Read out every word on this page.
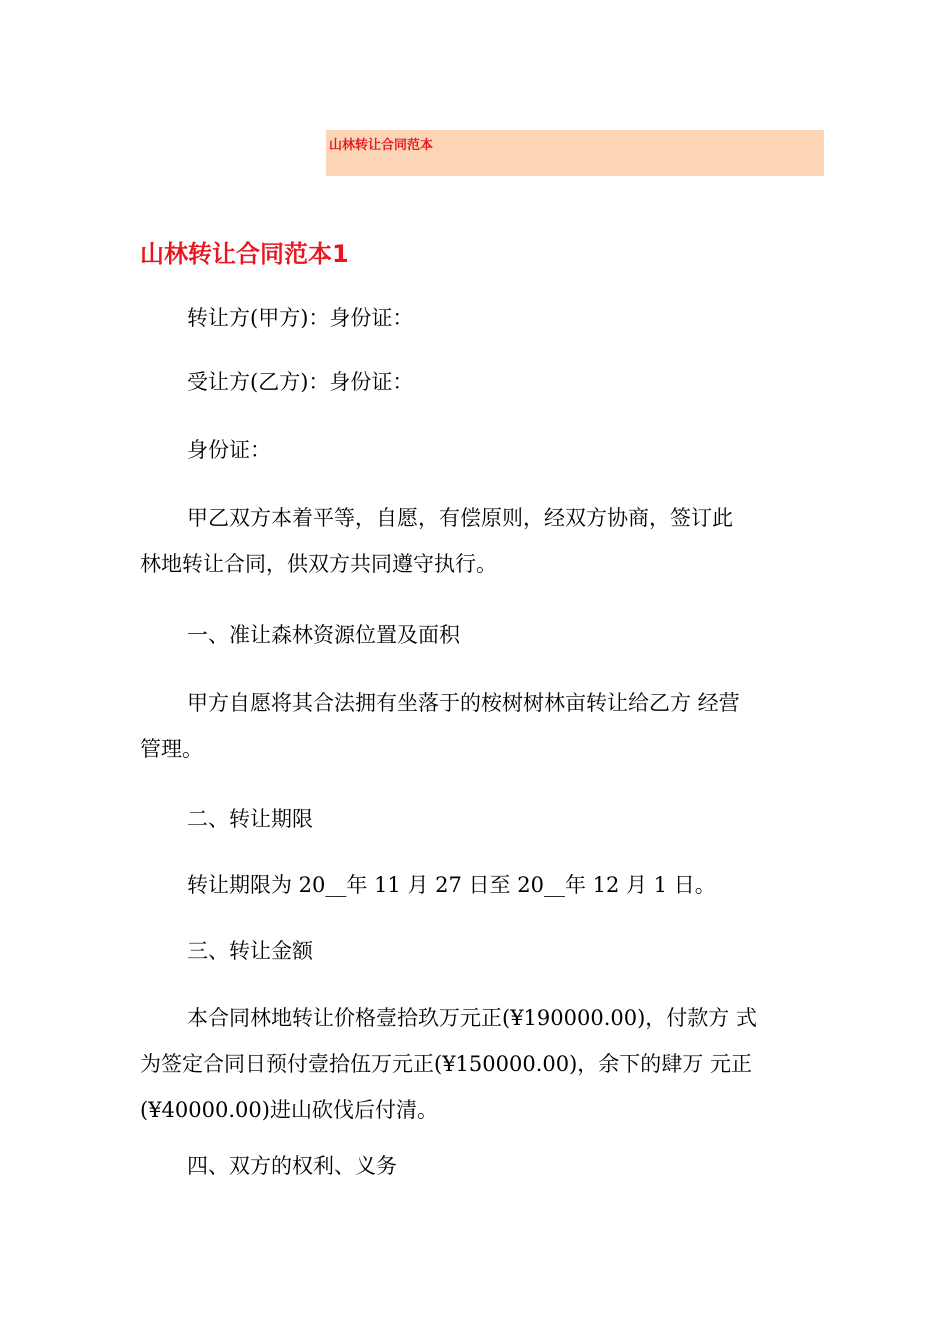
山林转让合同范本
山林转让合同范本1
转让方(甲方)：身份证：
受让方(乙方)：身份证：
身份证：
甲乙双方本着平等，自愿，有偿原则，经双方协商，签订此
林地转让合同，供双方共同遵守执行。
一、准让森林资源位置及面积
甲方自愿将其合法拥有坐落于的桉树树林亩转让给乙方 经营
管理。
二、转让期限
转让期限为 20__年 11 月 27 日至 20__年 12 月 1 日。
三、转让金额
本合同林地转让价格壹拾玖万元正(¥190000.00)，付款方 式
为签定合同日预付壹拾伍万元正(¥150000.00)，余下的肆万 元正
(¥40000.00)进山砍伐后付清。
四、双方的权利、义务
